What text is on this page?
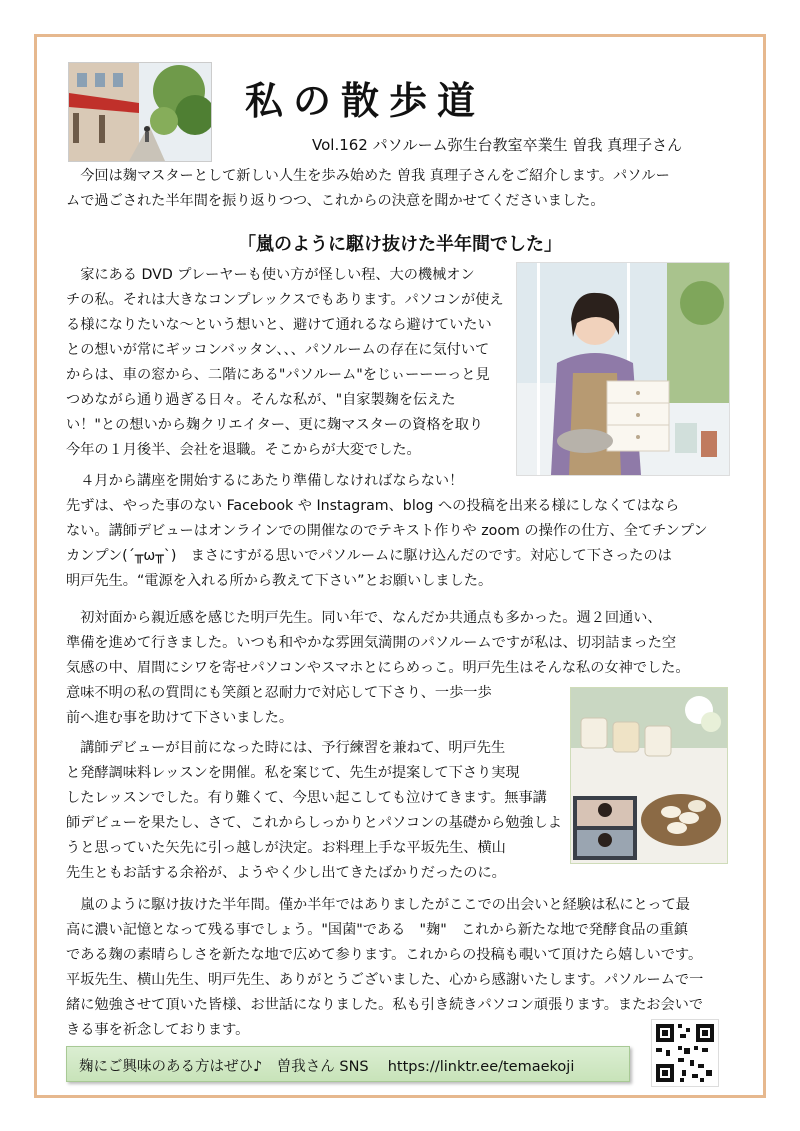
私の散歩道
Vol.162 パソルーム弥生台教室卒業生 曽我 真理子さん

　今回は麹マスターとして新しい人生を歩み始めた 曽我 真理子さんをご紹介します。パソルー

ムで過ごされた半年間を振り返りつつ、これからの決意を聞かせてくださいました。

「嵐のように駆け抜けた半年間でした」

　家にある DVD プレーヤーも使い方が怪しい程、大の機械オン

チの私。それは大きなコンプレックスでもあります。パソコンが使え

る様になりたいな～という想いと、避けて通れるなら避けていたい

との想いが常にギッコンバッタン、、、パソルームの存在に気付いて

からは、車の窓から、二階にある"パソルーム"をじぃーーーっと見

つめながら通り過ぎる日々。そんな私が、"自家製麹を伝えた

い！"との想いから麹クリエイター、更に麹マスターの資格を取り

今年の１月後半、会社を退職。そこからが大変でした。

　４月から講座を開始するにあたり準備しなければならない！

先ずは、やった事のない Facebook や Instagram、blog への投稿を出来る様にしなくてはなら

ない。講師デビューはオンラインでの開催なのでテキスト作りや zoom の操作の仕方、全てチンプン

カンプン(´╥ω╥`)　まさにすがる思いでパソルームに駆け込んだのです。対応して下さったのは

明戸先生。“電源を入れる所から教えて下さい”とお願いしました。

　初対面から親近感を感じた明戸先生。同い年で、なんだか共通点も多かった。週２回通い、

準備を進めて行きました。いつも和やかな雰囲気満開のパソルームですが私は、切羽詰まった空

気感の中、眉間にシワを寄せパソコンやスマホとにらめっこ。明戸先生はそんな私の女神でした。

意味不明の私の質問にも笑顔と忍耐力で対応して下さり、一歩一歩

前へ進む事を助けて下さいました。

　講師デビューが目前になった時には、予行練習を兼ねて、明戸先生

と発酵調味料レッスンを開催。私を案じて、先生が提案して下さり実現

したレッスンでした。有り難くて、今思い起こしても泣けてきます。無事講

師デビューを果たし、さて、これからしっかりとパソコンの基礎から勉強しよ

うと思っていた矢先に引っ越しが決定。お料理上手な平坂先生、横山

先生ともお話する余裕が、ようやく少し出てきたばかりだったのに。

　嵐のように駆け抜けた半年間。僅か半年ではありましたがここでの出会いと経験は私にとって最

高に濃い記憶となって残る事でしょう。"国菌"である　"麹"　これから新たな地で発酵食品の重鎮

である麹の素晴らしさを新たな地で広めて参ります。これからの投稿も覗いて頂けたら嬉しいです。

平坂先生、横山先生、明戸先生、ありがとうございました、心から感謝いたします。パソルームで一

緒に勉強させて頂いた皆様、お世話になりました。私も引き続きパソコン頑張ります。またお会いで

きる事を祈念しております。

麹にご興味のある方はぜひ♪　曽我さん SNS　 https://linktr.ee/temaekoji
